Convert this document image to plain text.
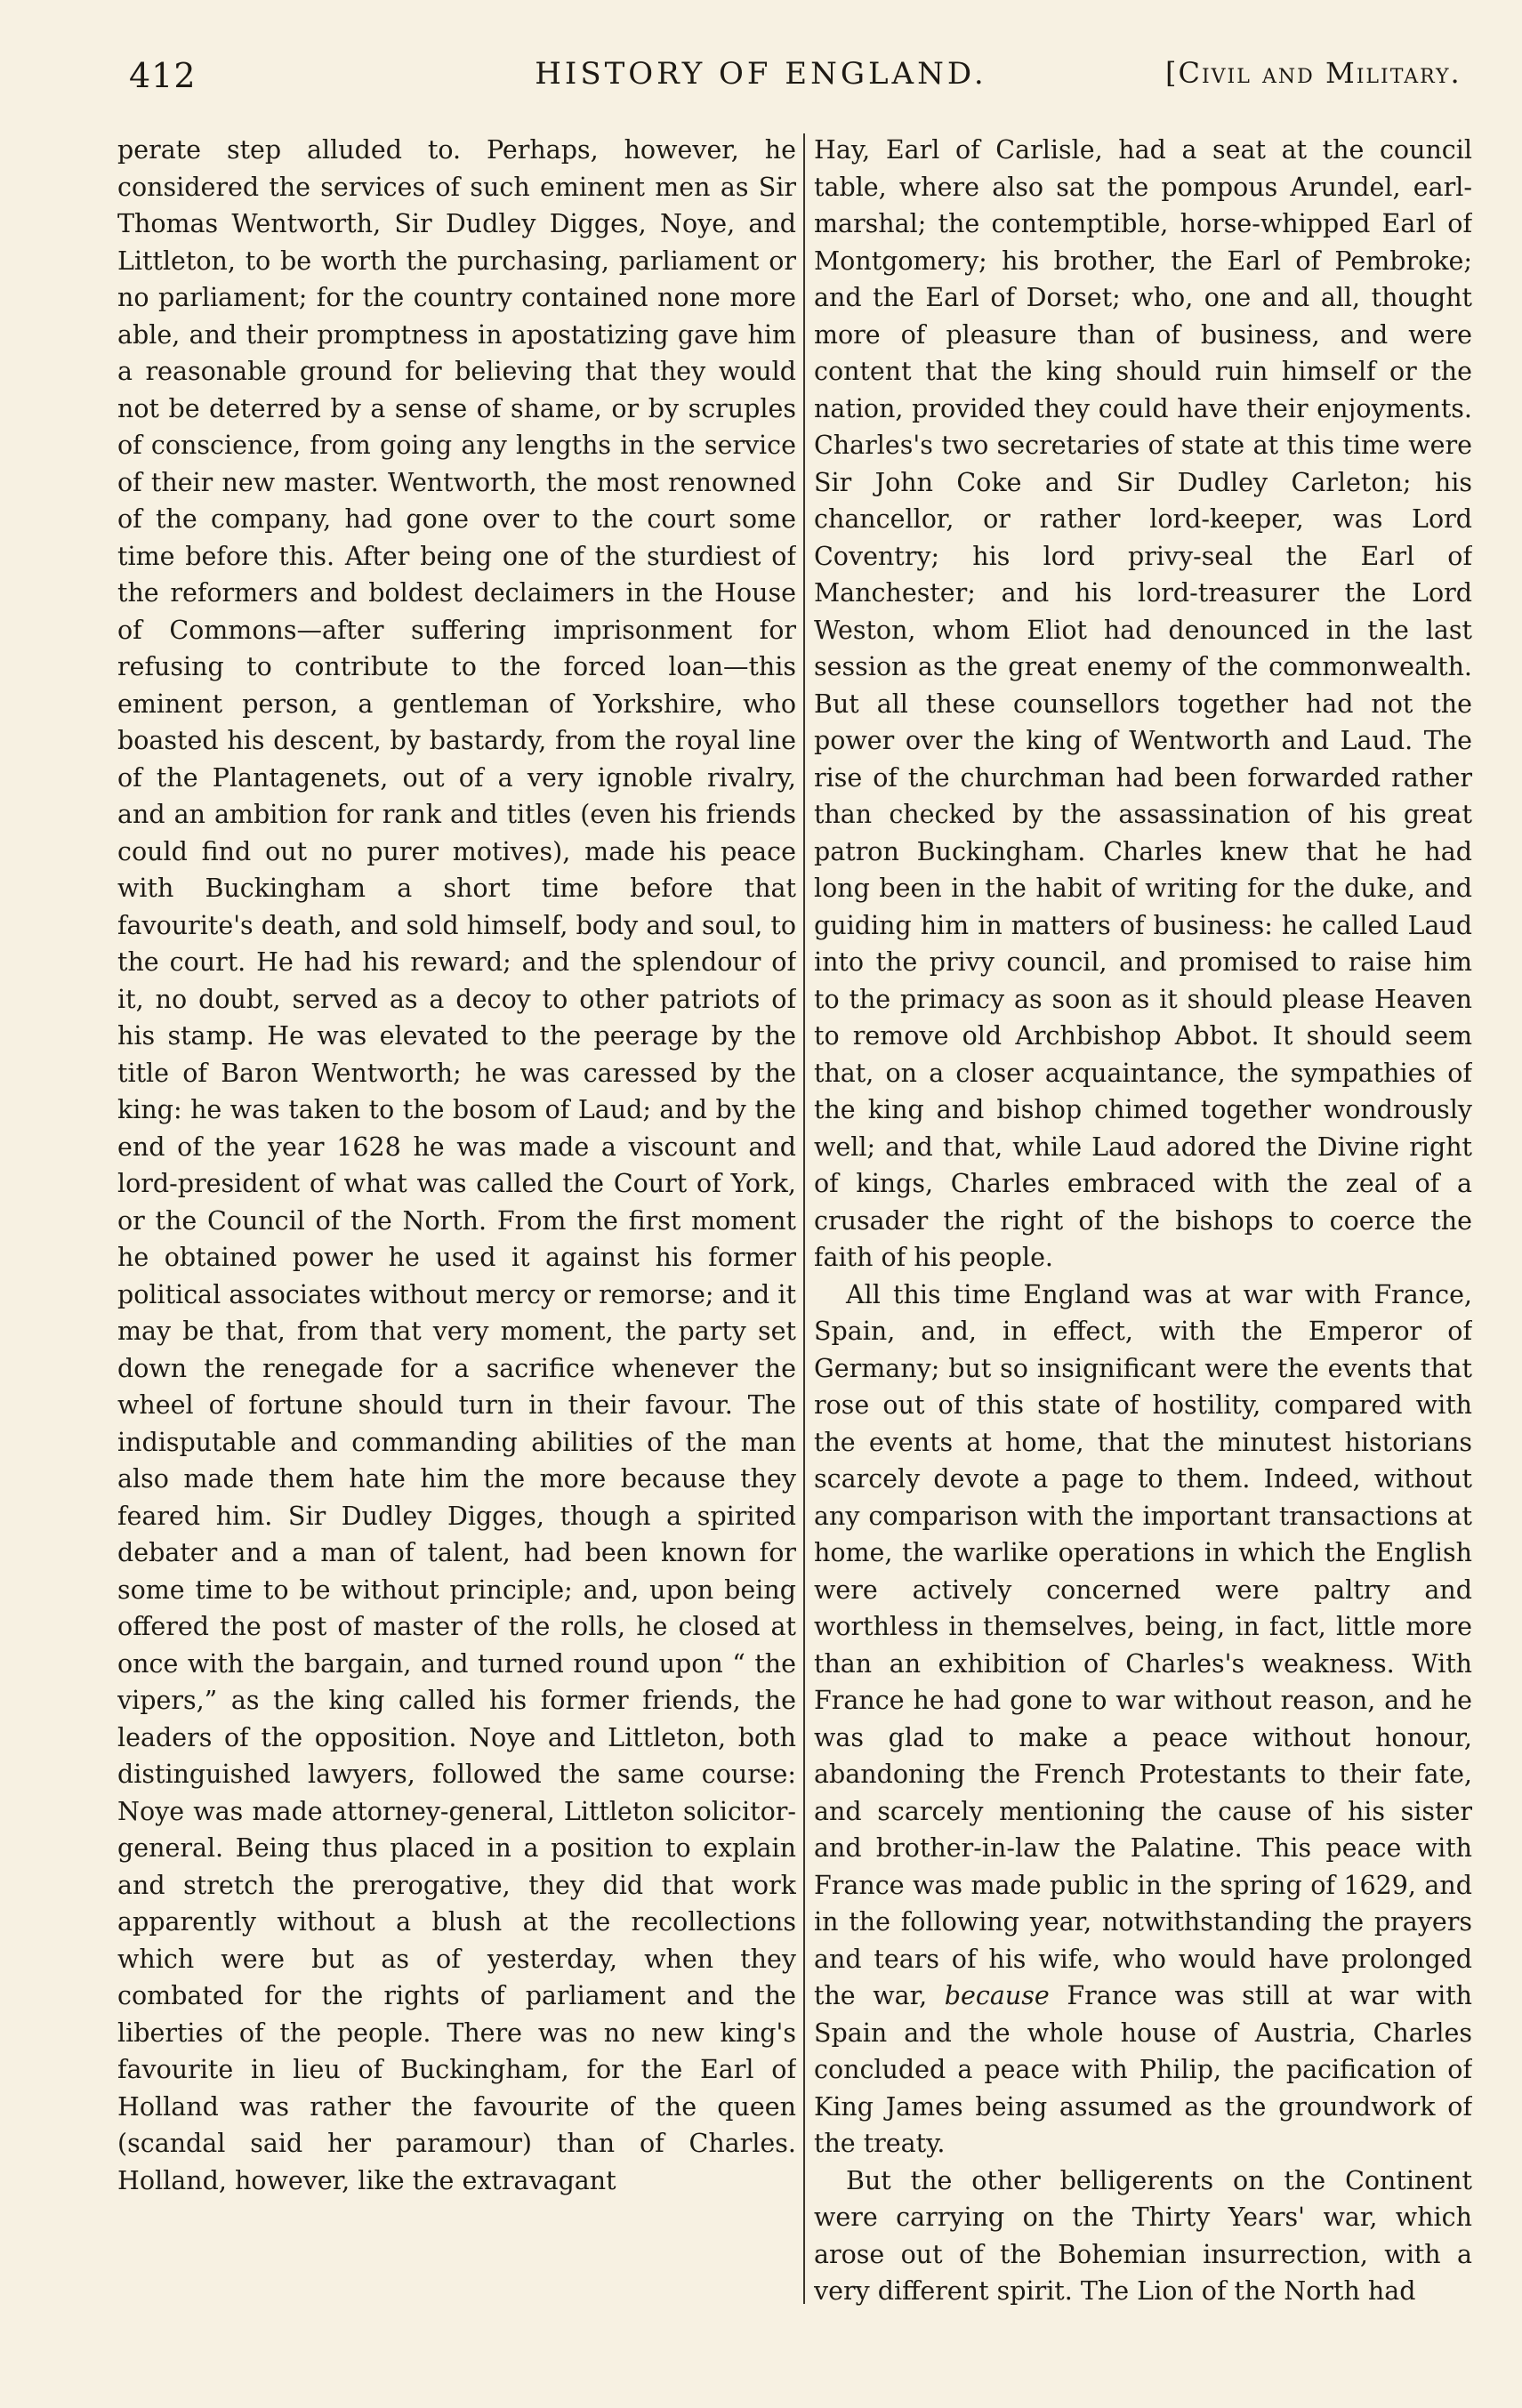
412	HISTORY OF ENGLAND.	[Civil and Military.

perate step alluded to. Perhaps, however, he considered the services of such eminent men as Sir Thomas Wentworth, Sir Dudley Digges, Noye, and Littleton, to be worth the purchasing, parliament or no parliament; for the country contained none more able, and their promptness in apostatizing gave him a reasonable ground for believing that they would not be deterred by a sense of shame, or by scruples of conscience, from going any lengths in the service of their new master. Wentworth, the most renowned of the company, had gone over to the court some time before this. After being one of the sturdiest of the reformers and boldest declaimers in the House of Commons—after suffering imprisonment for refusing to contribute to the forced loan—this eminent person, a gentleman of Yorkshire, who boasted his descent, by bastardy, from the royal line of the Plantagenets, out of a very ignoble rivalry, and an ambition for rank and titles (even his friends could find out no purer motives), made his peace with Buckingham a short time before that favourite's death, and sold himself, body and soul, to the court. He had his reward; and the splendour of it, no doubt, served as a decoy to other patriots of his stamp. He was elevated to the peerage by the title of Baron Wentworth; he was caressed by the king: he was taken to the bosom of Laud; and by the end of the year 1628 he was made a viscount and lord-president of what was called the Court of York, or the Council of the North. From the first moment he obtained power he used it against his former political associates without mercy or remorse; and it may be that, from that very moment, the party set down the renegade for a sacrifice whenever the wheel of fortune should turn in their favour. The indisputable and commanding abilities of the man also made them hate him the more because they feared him. Sir Dudley Digges, though a spirited debater and a man of talent, had been known for some time to be without principle; and, upon being offered the post of master of the rolls, he closed at once with the bargain, and turned round upon “ the vipers,” as the king called his former friends, the leaders of the opposition. Noye and Littleton, both distinguished lawyers, followed the same course: Noye was made attorney-general, Littleton solicitor-general. Being thus placed in a position to explain and stretch the prerogative, they did that work apparently without a blush at the recollections which were but as of yesterday, when they combated for the rights of parliament and the liberties of the people. There was no new king's favourite in lieu of Buckingham, for the Earl of Holland was rather the favourite of the queen (scandal said her paramour) than of Charles. Holland, however, like the extravagant

Hay, Earl of Carlisle, had a seat at the council table, where also sat the pompous Arundel, earl-marshal; the contemptible, horse-whipped Earl of Montgomery; his brother, the Earl of Pembroke; and the Earl of Dorset; who, one and all, thought more of pleasure than of business, and were content that the king should ruin himself or the nation, provided they could have their enjoyments. Charles's two secretaries of state at this time were Sir John Coke and Sir Dudley Carleton; his chancellor, or rather lord-keeper, was Lord Coventry; his lord privy-seal the Earl of Manchester; and his lord-treasurer the Lord Weston, whom Eliot had denounced in the last session as the great enemy of the commonwealth. But all these counsellors together had not the power over the king of Wentworth and Laud. The rise of the churchman had been forwarded rather than checked by the assassination of his great patron Buckingham. Charles knew that he had long been in the habit of writing for the duke, and guiding him in matters of business: he called Laud into the privy council, and promised to raise him to the primacy as soon as it should please Heaven to remove old Archbishop Abbot. It should seem that, on a closer acquaintance, the sympathies of the king and bishop chimed together wondrously well; and that, while Laud adored the Divine right of kings, Charles embraced with the zeal of a crusader the right of the bishops to coerce the faith of his people.

All this time England was at war with France, Spain, and, in effect, with the Emperor of Germany; but so insignificant were the events that rose out of this state of hostility, compared with the events at home, that the minutest historians scarcely devote a page to them. Indeed, without any comparison with the important transactions at home, the warlike operations in which the English were actively concerned were paltry and worthless in themselves, being, in fact, little more than an exhibition of Charles's weakness. With France he had gone to war without reason, and he was glad to make a peace without honour, abandoning the French Protestants to their fate, and scarcely mentioning the cause of his sister and brother-in-law the Palatine. This peace with France was made public in the spring of 1629, and in the following year, notwithstanding the prayers and tears of his wife, who would have prolonged the war, because France was still at war with Spain and the whole house of Austria, Charles concluded a peace with Philip, the pacification of King James being assumed as the groundwork of the treaty.

But the other belligerents on the Continent were carrying on the Thirty Years' war, which arose out of the Bohemian insurrection, with a very different spirit. The Lion of the North had
